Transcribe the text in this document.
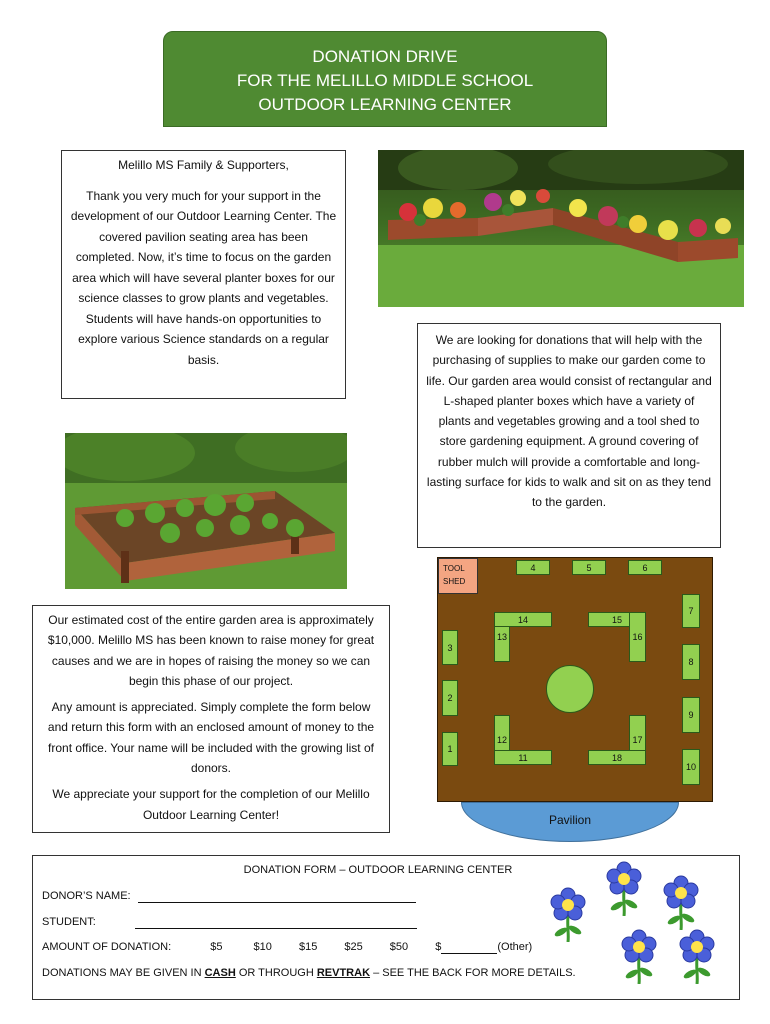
DONATION DRIVE
FOR THE MELILLO MIDDLE SCHOOL
OUTDOOR LEARNING CENTER
Melillo MS Family & Supporters,
Thank you very much for your support in the development of our Outdoor Learning Center. The covered pavilion seating area has been completed. Now, it’s time to focus on the garden area which will have several planter boxes for our science classes to grow plants and vegetables. Students will have hands-on opportunities to explore various Science standards on a regular basis.
We are looking for donations that will help with the purchasing of supplies to make our garden come to life. Our garden area would consist of rectangular and L-shaped planter boxes which have a variety of plants and vegetables growing and a tool shed to store gardening equipment. A ground covering of rubber mulch will provide a comfortable and long-lasting surface for kids to walk and sit on as they tend to the garden.
TOOL
SHED
4	5	6
3
2
1
7
8
9
10
13
14	15
16
12
11
17
18
Pavilion

Our estimated cost of the entire garden area is approximately $10,000. Melillo MS has been known to raise money for great causes and we are in hopes of raising the money so we can begin this phase of our project.

Any amount is appreciated. Simply complete the form below and return this form with an enclosed amount of money to the front office. Your name will be included with the growing list of donors.

We appreciate your support for the completion of our Melillo Outdoor Learning Center!

DONATION FORM – OUTDOOR LEARNING CENTER
DONOR’S NAME:
STUDENT:
AMOUNT OF DONATION:	$5	$10 $15 $25 $50 $	(Other)
DONATIONS MAY BE GIVEN IN CASH OR THROUGH REVTRAK – SEE THE BACK FOR MORE DETAILS.
